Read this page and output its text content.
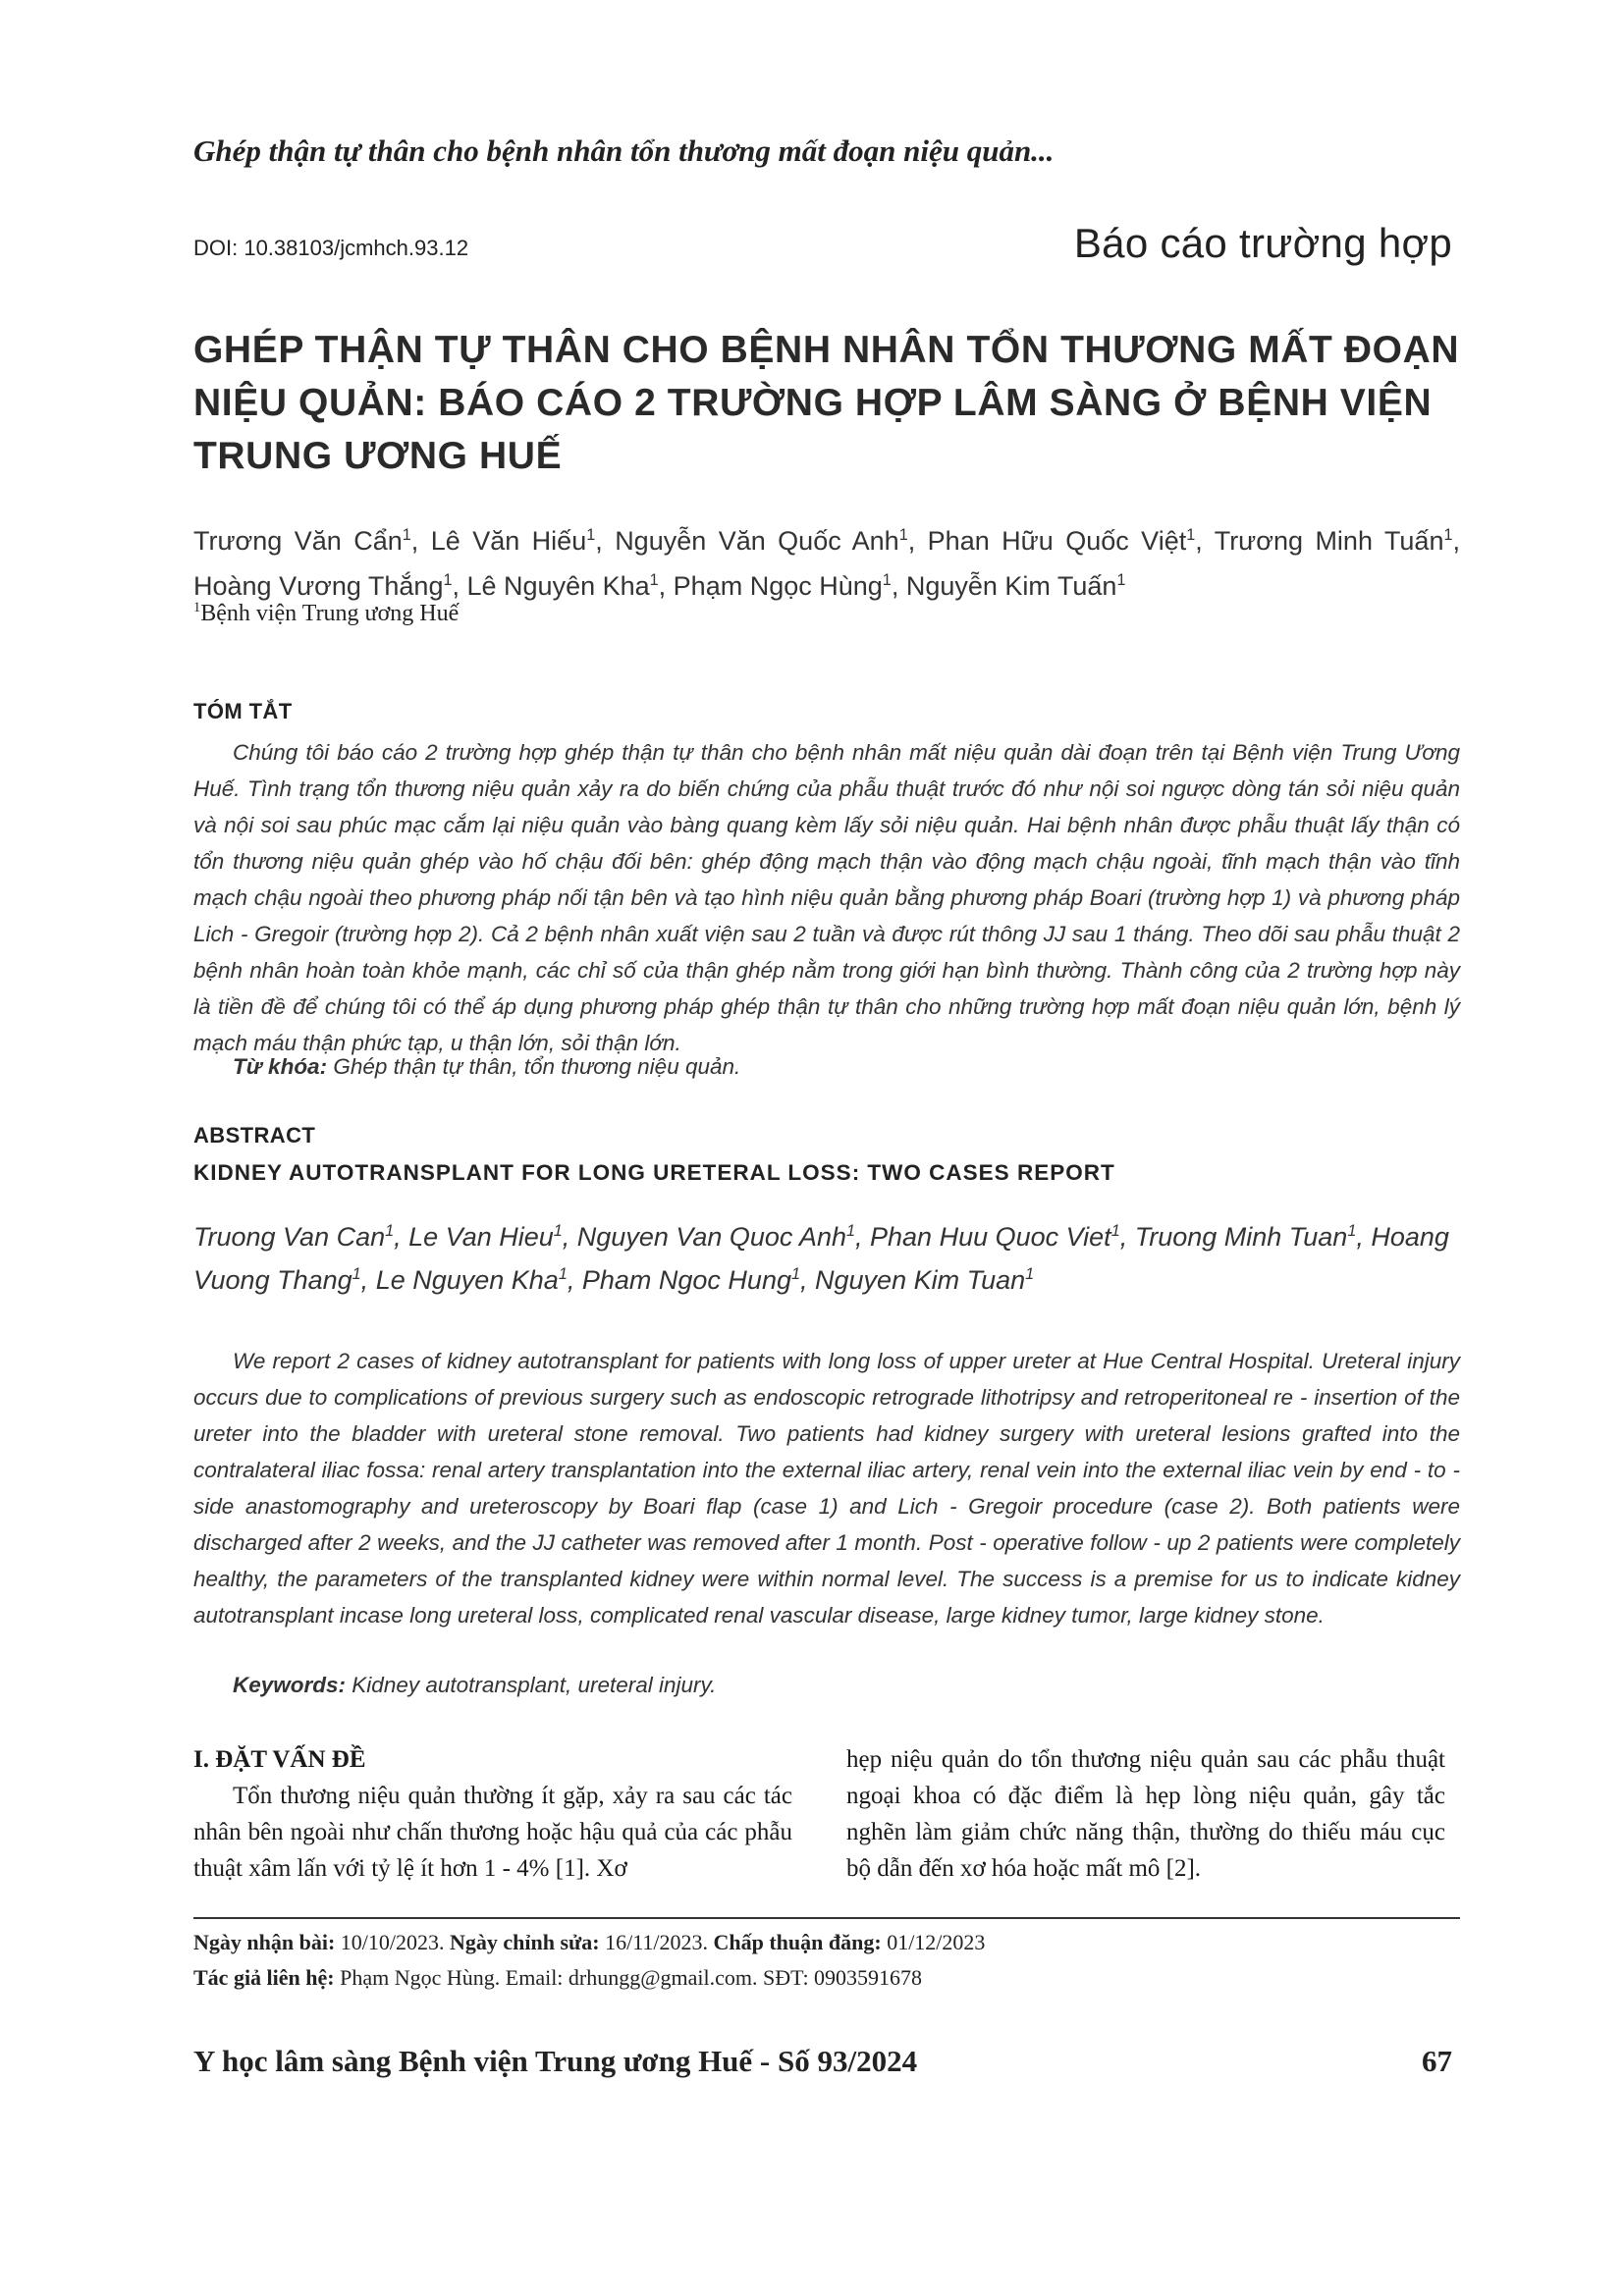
Ghép thận tự thân cho bệnh nhân tổn thương mất đoạn niệu quản...
DOI: 10.38103/jcmhch.93.12	Báo cáo trường hợp
GHÉP THẬN TỰ THÂN CHO BỆNH NHÂN TỔN THƯƠNG MẤT ĐOẠN NIỆU QUẢN: BÁO CÁO 2 TRƯỜNG HỢP LÂM SÀNG Ở BỆNH VIỆN TRUNG ƯƠNG HUẾ

Trương Văn Cẩn$^1$, Lê Văn Hiếu$^1$, Nguyễn Văn Quốc Anh$^1$, Phan Hữu Quốc Việt$^1$, Trương Minh Tuấn$^1$, Hoàng Vương Thắng$^1$, Lê Nguyên Kha$^1$, Phạm Ngọc Hùng$^1$, Nguyễn Kim Tuấn$^1$

$^1$Bệnh viện Trung ương Huế
TÓM TẮT

Chúng tôi báo cáo 2 trường hợp ghép thận tự thân cho bệnh nhân mất niệu quản dài đoạn trên tại Bệnh viện Trung Ương Huế. Tình trạng tổn thương niệu quản xảy ra do biến chứng của phẫu thuật trước đó như nội soi ngược dòng tán sỏi niệu quản và nội soi sau phúc mạc cắm lại niệu quản vào bàng quang kèm lấy sỏi niệu quản. Hai bệnh nhân được phẫu thuật lấy thận có tổn thương niệu quản ghép vào hố chậu đối bên: ghép động mạch thận vào động mạch chậu ngoài, tĩnh mạch thận vào tĩnh mạch chậu ngoài theo phương pháp nối tận bên và tạo hình niệu quản bằng phương pháp Boari (trường hợp 1) và phương pháp Lich - Gregoir (trường hợp 2). Cả 2 bệnh nhân xuất viện sau 2 tuần và được rút thông JJ sau 1 tháng. Theo dõi sau phẫu thuật 2 bệnh nhân hoàn toàn khỏe mạnh, các chỉ số của thận ghép nằm trong giới hạn bình thường. Thành công của 2 trường hợp này là tiền đề để chúng tôi có thể áp dụng phương pháp ghép thận tự thân cho những trường hợp mất đoạn niệu quản lớn, bệnh lý mạch máu thận phức tạp, u thận lớn, sỏi thận lớn.

Từ khóa: Ghép thận tự thân, tổn thương niệu quản.
ABSTRACT
KIDNEY AUTOTRANSPLANT FOR LONG URETERAL LOSS: TWO CASES REPORT

Truong Van Can$^1$, Le Van Hieu$^1$, Nguyen Van Quoc Anh$^1$, Phan Huu Quoc Viet$^1$, Truong Minh Tuan$^1$, Hoang Vuong Thang$^1$, Le Nguyen Kha$^1$, Pham Ngoc Hung$^1$, Nguyen Kim Tuan$^1$

We report 2 cases of kidney autotransplant for patients with long loss of upper ureter at Hue Central Hospital. Ureteral injury occurs due to complications of previous surgery such as endoscopic retrograde lithotripsy and retroperitoneal re - insertion of the ureter into the bladder with ureteral stone removal. Two patients had kidney surgery with ureteral lesions grafted into the contralateral iliac fossa: renal artery transplantation into the external iliac artery, renal vein into the external iliac vein by end - to - side anastomography and ureteroscopy by Boari flap (case 1) and Lich - Gregoir procedure (case 2). Both patients were discharged after 2 weeks, and the JJ catheter was removed after 1 month. Post - operative follow - up 2 patients were completely healthy, the parameters of the transplanted kidney were within normal level. The success is a premise for us to indicate kidney autotransplant incase long ureteral loss, complicated renal vascular disease, large kidney tumor, large kidney stone.

Keywords: Kidney autotransplant, ureteral injury.

I. ĐẶT VẤN ĐỀ

Tổn thương niệu quản thường ít gặp, xảy ra sau các tác nhân bên ngoài như chấn thương hoặc hậu quả của các phẫu thuật xâm lấn với tỷ lệ ít hơn 1 - 4% [1]. Xơ

hẹp niệu quản do tổn thương niệu quản sau các phẫu thuật ngoại khoa có đặc điểm là hẹp lòng niệu quản, gây tắc nghẽn làm giảm chức năng thận, thường do thiếu máu cục bộ dẫn đến xơ hóa hoặc mất mô [2].

Ngày nhận bài: 10/10/2023. Ngày chỉnh sửa: 16/11/2023. Chấp thuận đăng: 01/12/2023
Tác giả liên hệ: Phạm Ngọc Hùng. Email: drhungg@gmail.com. SĐT: 0903591678
Y học lâm sàng Bệnh viện Trung ương Huế - Số 93/2024	67
